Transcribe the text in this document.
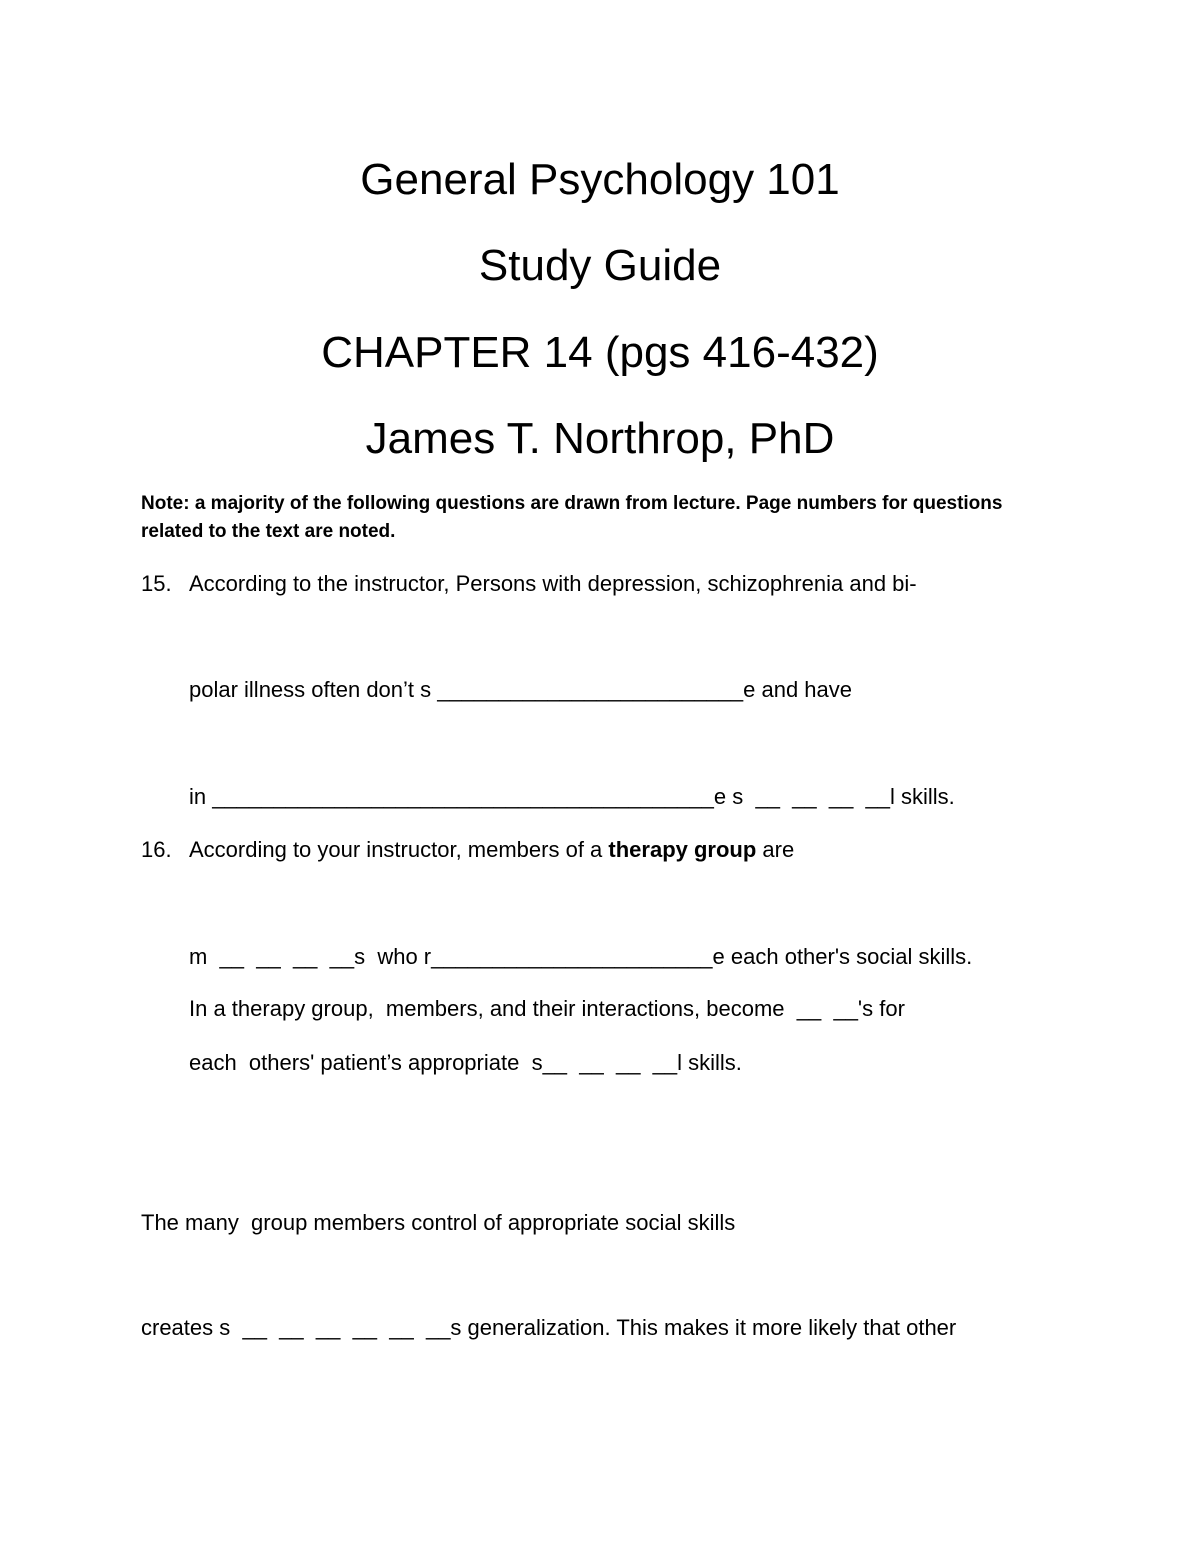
General Psychology 101
Study Guide
CHAPTER 14 (pgs 416-432)
James T. Northrop, PhD
Note: a majority of the following questions are drawn from lecture. Page numbers for questions related to the text are noted.
15. According to the instructor, Persons with depression, schizophrenia and bi-
polar illness often don’t s _________________________e and have
in _________________________________________e s  __  __  __  __l skills.
16. According to your instructor, members of a therapy group are
m  __  __  __  __s  who r_______________________e each other's social skills.
In a therapy group,  members, and their interactions, become  __  __'s for
each  others' patient’s appropriate  s__  __  __  __l skills.
The many  group members control of appropriate social skills
creates s  __  __  __  __  __  __s generalization. This makes it more likely that other
